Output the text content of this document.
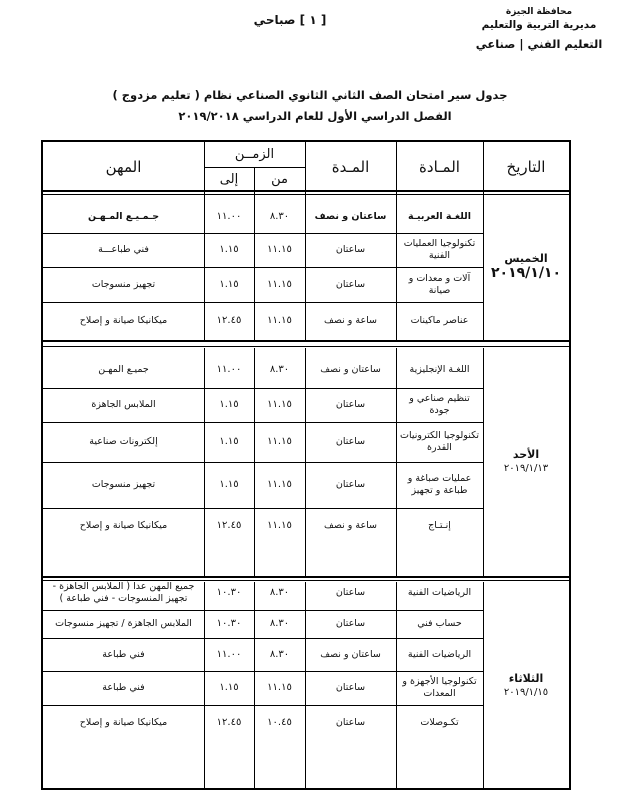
محافظة الجيزة
مديرية التربية والتعليم
التعليم الفني | صناعي
[ ١ ] صباحي
جدول سير امتحان الصف الثاني الثانوي الصناعي نظام ( تعليم مزدوج )
الفصل الدراسي الأول للعام الدراسي ٢٠١٩/٢٠١٨
التاريخ
المـادة
المـدة
الزمــن
من
إلى
المهن
الخميس
٢٠١٩/١/١٠
اللغـة العربيـة
ساعتان و نصف
٨.٣٠
١١.٠٠
جـمـيـع المـهـن
تكنولوجيا العمليات الفنية
ساعتان
١١.١٥
١.١٥
فني طباعـــة
آلات و معدات و صيانة
ساعتان
١١.١٥
١.١٥
تجهيز منسوجات
عناصر ماكينات
ساعة و نصف
١١.١٥
١٢.٤٥
ميكانيكا صيانة و إصلاح
الأحد
٢٠١٩/١/١٣
اللغـة الإنجليزية
ساعتان و نصف
٨.٣٠
١١.٠٠
جميـع المهـن
تنظيم صناعي و جودة
ساعتان
١١.١٥
١.١٥
الملابس الجاهزة
تكنولوجيا الكترونيات القدرة
ساعتان
١١.١٥
١.١٥
إلكترونات صناعية
عمليات صباغة و طباعة و تجهيز
ساعتان
١١.١٥
١.١٥
تجهيز منسوجات
إنـتـاج
ساعة و نصف
١١.١٥
١٢.٤٥
ميكانيكا صيانة و إصلاح
الثلاثاء
٢٠١٩/١/١٥
الرياضيات الفنية
ساعتان
٨.٣٠
١٠.٣٠
جميع المهن عدا ( الملابس الجاهزة - تجهيز المنسوجات - فني طباعة )
حساب فني
ساعتان
٨.٣٠
١٠.٣٠
الملابس الجاهزة / تجهيز منسوجات
الرياضيات الفنية
ساعتان و نصف
٨.٣٠
١١.٠٠
فني طباعة
تكنولوجيا الأجهزة و المعدات
ساعتان
١١.١٥
١.١٥
فني طباعة
تكـوصلات
ساعتان
١٠.٤٥
١٢.٤٥
ميكانيكا صيانة و إصلاح
